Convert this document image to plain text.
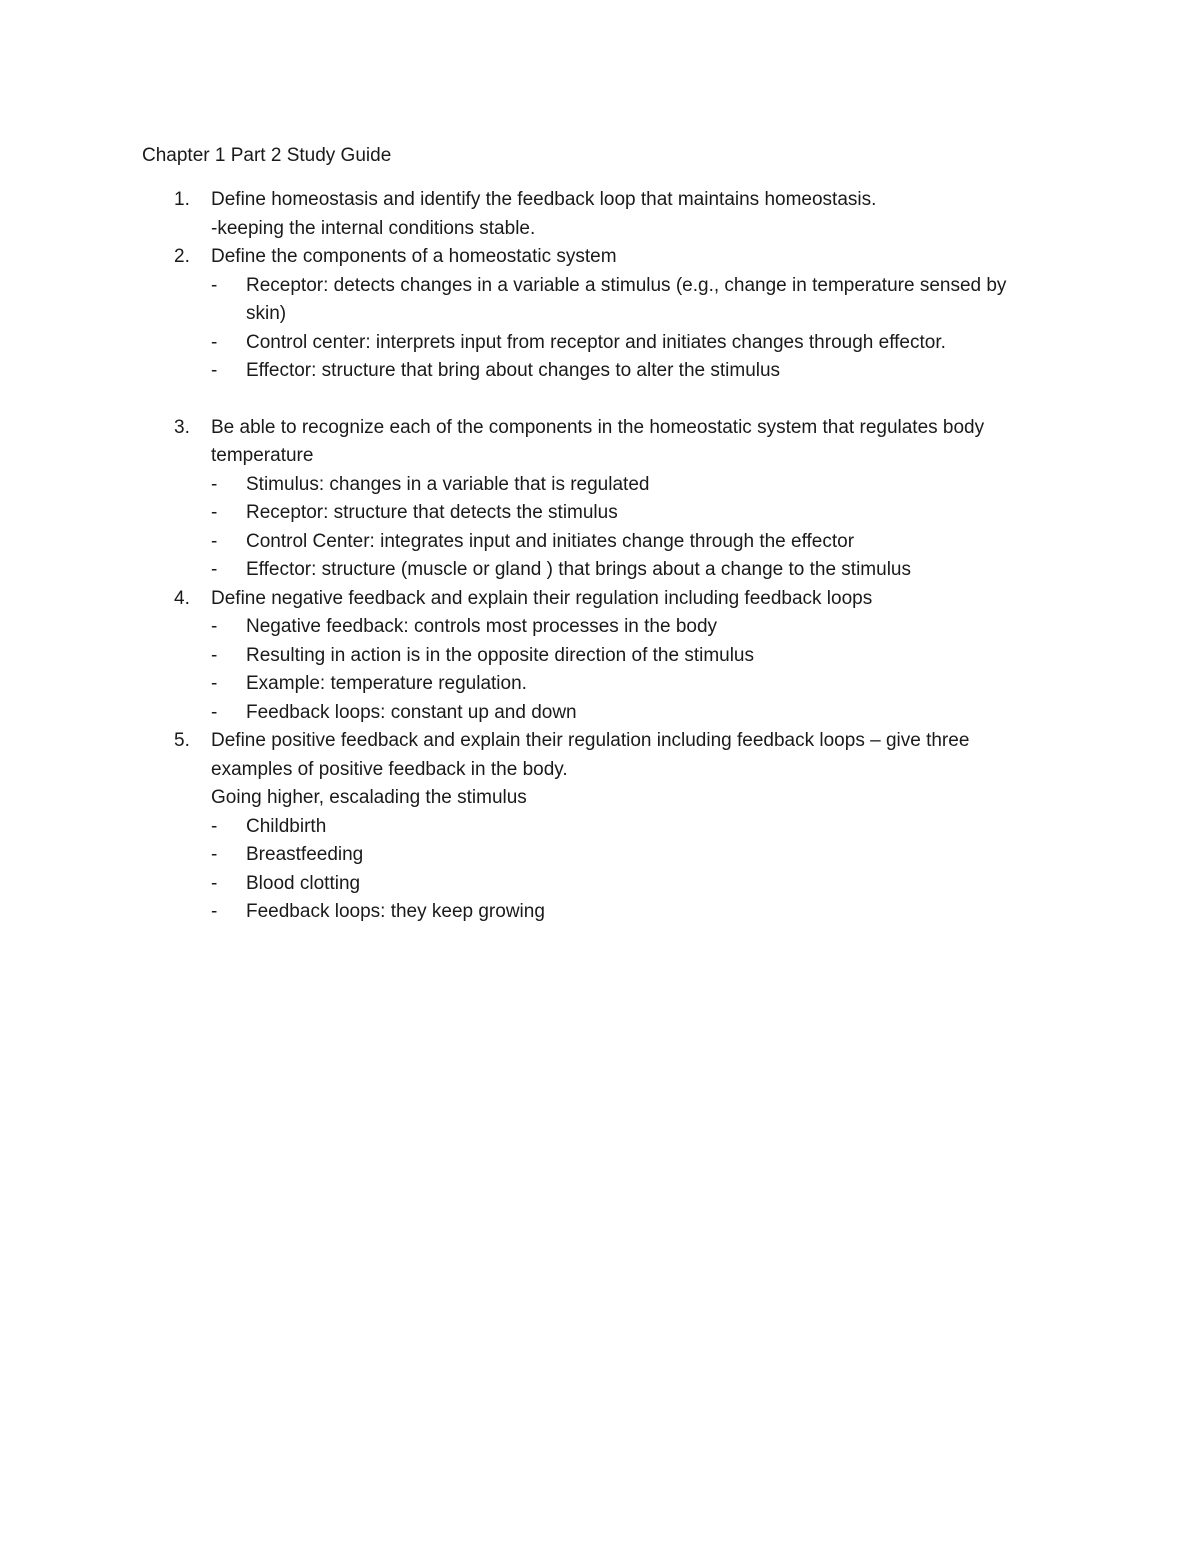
Chapter 1 Part 2 Study Guide
1. Define homeostasis and identify the feedback loop that maintains homeostasis.
-keeping the internal conditions stable.
2. Define the components of a homeostatic system
- Receptor: detects changes in a variable a stimulus (e.g., change in temperature sensed by skin)
- Control center: interprets input from receptor and initiates changes through effector.
- Effector: structure that bring about changes to alter the stimulus
3. Be able to recognize each of the components in the homeostatic system that regulates body temperature
- Stimulus: changes in a variable that is regulated
- Receptor: structure that detects the stimulus
- Control Center: integrates input and initiates change through the effector
- Effector: structure (muscle or gland ) that brings about a change to the stimulus
4. Define negative feedback and explain their regulation including feedback loops
- Negative feedback: controls most processes in the body
- Resulting in action is in the opposite direction of the stimulus
- Example: temperature regulation.
- Feedback loops: constant up and down
5. Define positive feedback and explain their regulation including feedback loops – give three examples of positive feedback in the body.
Going higher, escalading the stimulus
- Childbirth
- Breastfeeding
- Blood clotting
- Feedback loops: they keep growing
